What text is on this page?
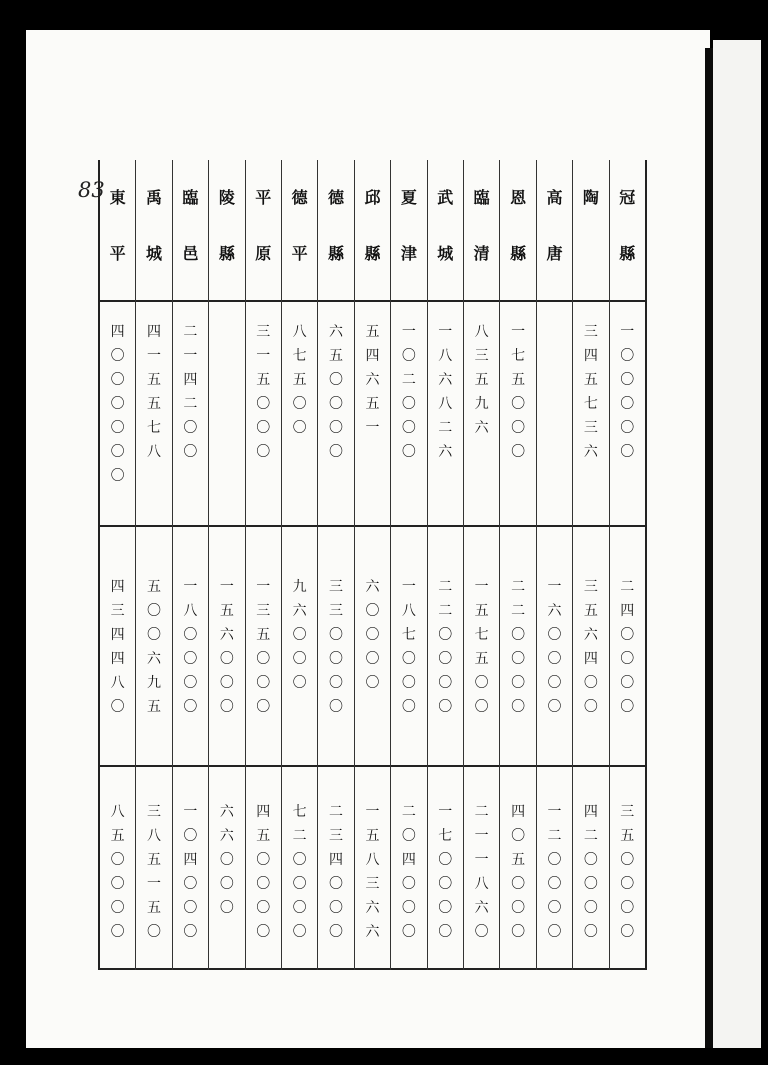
83	冠
縣
一
〇
〇
〇
〇
〇
二
四
〇
〇
〇
〇
三
五
〇
〇
〇
〇
陶
三
四
五
七
三
六
三
五
六
四
〇
〇
四
二
〇
〇
〇
〇
高
唐
一
六
〇
〇
〇
〇
一
二
〇
〇
〇
〇
恩
縣
一
七
五
〇
〇
〇
二
二
〇
〇
〇
〇
四
〇
五
〇
〇
〇
臨
清
八
三
五
九
六
一
五
七
五
〇
〇
二
一
一
八
六
〇
武
城
一
八
六
八
二
六
二
二
〇
〇
〇
〇
一
七
〇
〇
〇
〇
夏
津
一
〇
二
〇
〇
〇
一
八
七
〇
〇
〇
二
〇
四
〇
〇
〇
邱
縣
五
四
六
五
一
六
〇
〇
〇
〇
一
五
八
三
六
六
德
縣
六
五
〇
〇
〇
〇
三
三
〇
〇
〇
〇
二
三
四
〇
〇
〇
德
平
八
七
五
〇
〇
九
六
〇
〇
〇
七
二
〇
〇
〇
〇
平
原
三
一
五
〇
〇
〇
一
三
五
〇
〇
〇
四
五
〇
〇
〇
〇
陵
縣
一
五
六
〇
〇
〇
六
六
〇
〇
〇
臨
邑
二
一
四
二
〇
〇
一
八
〇
〇
〇
〇
一
〇
四
〇
〇
〇
禹
城
四
一
五
五
七
八
五
〇
〇
六
九
五
三
八
五
一
五
〇
東
平
四
〇
〇
〇
〇
〇
〇
四
三
四
四
八
〇
八
五
〇
〇
〇
〇
